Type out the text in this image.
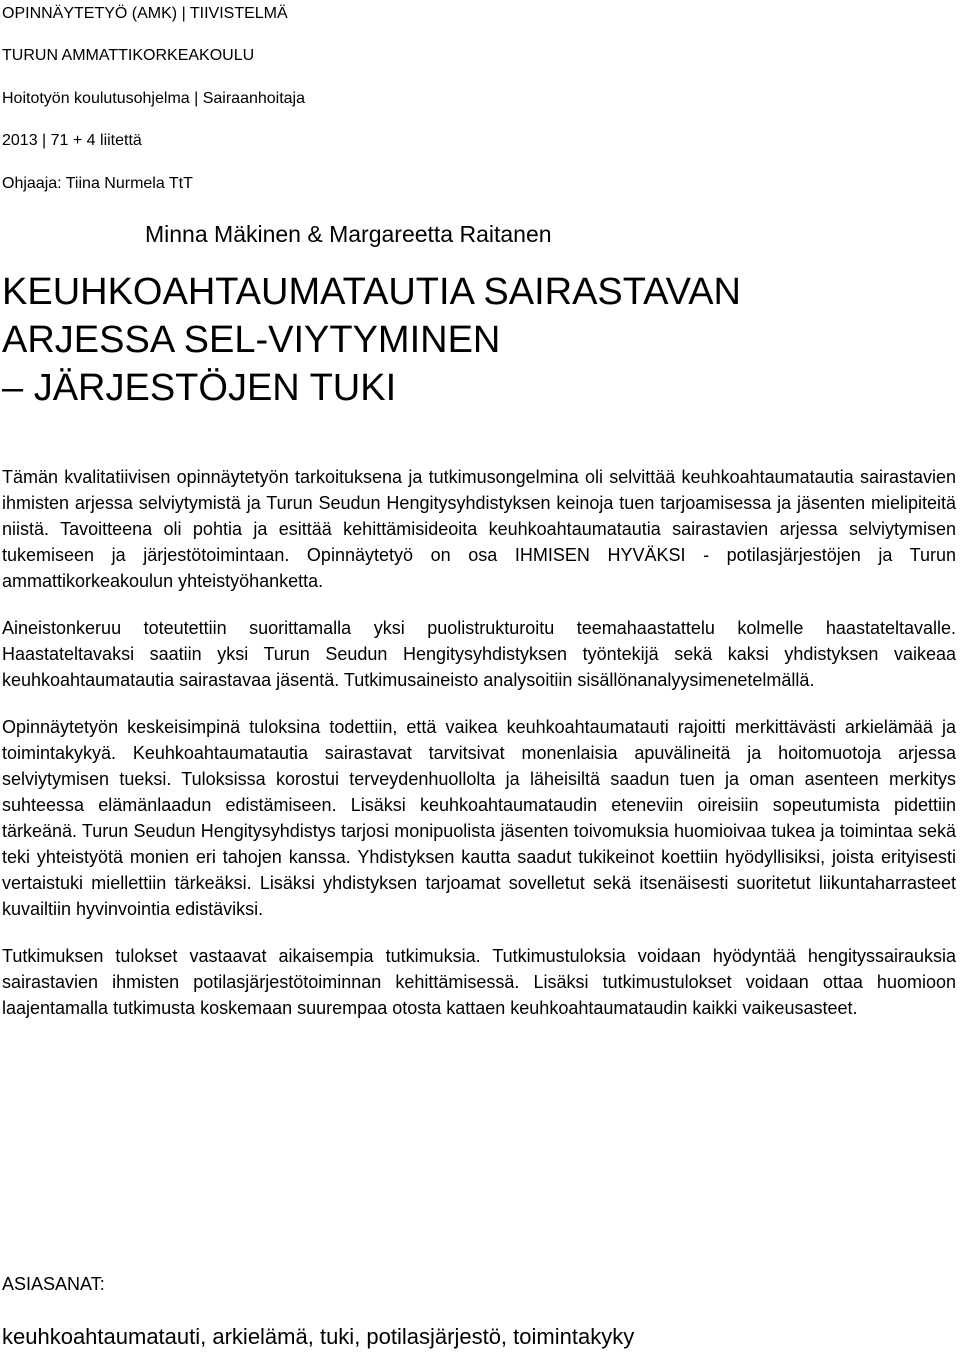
OPINNÄYTETYÖ (AMK) | TIIVISTELMÄ
TURUN AMMATTIKORKEAKOULU
Hoitotyön koulutusohjelma | Sairaanhoitaja
2013 | 71 + 4 liitettä
Ohjaaja: Tiina Nurmela TtT
Minna Mäkinen & Margareetta Raitanen
KEUHKOAHTAUMATAUTIA SAIRASTAVAN
ARJESSA SEL-VIYTYMINEN
– JÄRJESTÖJEN TUKI

Tämän kvalitatiivisen opinnäytetyön tarkoituksena ja tutkimusongelmina oli selvittää keuhkoahtaumatautia sairastavien ihmisten arjessa selviytymistä ja Turun Seudun Hengitysyhdistyksen keinoja tuen tarjoamisessa ja jäsenten mielipiteitä niistä. Tavoitteena oli pohtia ja esittää kehittämisideoita keuhkoahtaumatautia sairastavien arjessa selviytymisen tukemiseen ja järjestötoimintaan. Opinnäytetyö on osa IHMISEN HYVÄKSI - potilasjärjestöjen ja Turun ammattikorkeakoulun yhteistyöhanketta.

Aineistonkeruu toteutettiin suorittamalla yksi puolistrukturoitu teemahaastattelu kolmelle haastateltavalle. Haastateltavaksi saatiin yksi Turun Seudun Hengitysyhdistyksen työntekijä sekä kaksi yhdistyksen vaikeaa keuhkoahtaumatautia sairastavaa jäsentä. Tutkimusaineisto analysoitiin sisällönanalyysimenetelmällä.

Opinnäytetyön keskeisimpinä tuloksina todettiin, että vaikea keuhkoahtaumatauti rajoitti merkittävästi arkielämää ja toimintakykyä. Keuhkoahtaumatautia sairastavat tarvitsivat monenlaisia apuvälineitä ja hoitomuotoja arjessa selviytymisen tueksi. Tuloksissa korostui terveydenhuollolta ja läheisiltä saadun tuen ja oman asenteen merkitys suhteessa elämänlaadun edistämiseen. Lisäksi keuhkoahtaumataudin eteneviin oireisiin sopeutumista pidettiin tärkeänä. Turun Seudun Hengitysyhdistys tarjosi monipuolista jäsenten toivomuksia huomioivaa tukea ja toimintaa sekä teki yhteistyötä monien eri tahojen kanssa. Yhdistyksen kautta saadut tukikeinot koettiin hyödyllisiksi, joista erityisesti vertaistuki miellettiin tärkeäksi. Lisäksi yhdistyksen tarjoamat sovelletut sekä itsenäisesti suoritetut liikuntaharrasteet kuvailtiin hyvinvointia edistäviksi.

Tutkimuksen tulokset vastaavat aikaisempia tutkimuksia. Tutkimustuloksia voidaan hyödyntää hengityssairauksia sairastavien ihmisten potilasjärjestötoiminnan kehittämisessä. Lisäksi tutkimustulokset voidaan ottaa huomioon laajentamalla tutkimusta koskemaan suurempaa otosta kattaen keuhkoahtaumataudin kaikki vaikeusasteet.

ASIASANAT:
keuhkoahtaumatauti, arkielämä, tuki, potilasjärjestö, toimintakyky
